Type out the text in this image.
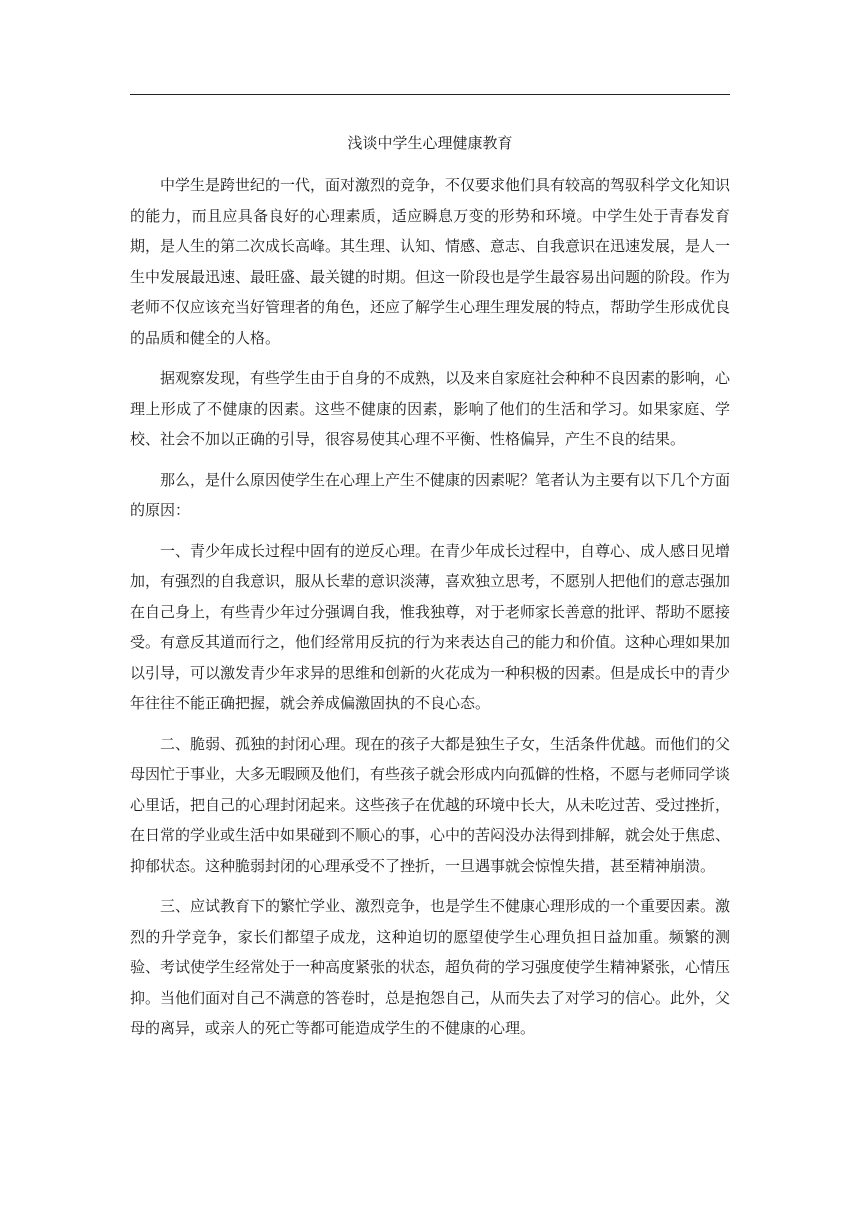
浅谈中学生心理健康教育

中学生是跨世纪的一代，面对激烈的竞争，不仅要求他们具有较高的驾驭科学文化知识的能力，而且应具备良好的心理素质，适应瞬息万变的形势和环境。中学生处于青春发育期，是人生的第二次成长高峰。其生理、认知、情感、意志、自我意识在迅速发展，是人一生中发展最迅速、最旺盛、最关键的时期。但这一阶段也是学生最容易出问题的阶段。作为老师不仅应该充当好管理者的角色，还应了解学生心理生理发展的特点，帮助学生形成优良的品质和健全的人格。

据观察发现，有些学生由于自身的不成熟，以及来自家庭社会种种不良因素的影响，心理上形成了不健康的因素。这些不健康的因素，影响了他们的生活和学习。如果家庭、学校、社会不加以正确的引导，很容易使其心理不平衡、性格偏异，产生不良的结果。

那么，是什么原因使学生在心理上产生不健康的因素呢？笔者认为主要有以下几个方面的原因：

一、青少年成长过程中固有的逆反心理。在青少年成长过程中，自尊心、成人感日见增加，有强烈的自我意识，服从长辈的意识淡薄，喜欢独立思考，不愿别人把他们的意志强加在自己身上，有些青少年过分强调自我，惟我独尊，对于老师家长善意的批评、帮助不愿接受。有意反其道而行之，他们经常用反抗的行为来表达自己的能力和价值。这种心理如果加以引导，可以激发青少年求异的思维和创新的火花成为一种积极的因素。但是成长中的青少年往往不能正确把握，就会养成偏激固执的不良心态。

二、脆弱、孤独的封闭心理。现在的孩子大都是独生子女，生活条件优越。而他们的父母因忙于事业，大多无暇顾及他们，有些孩子就会形成内向孤僻的性格，不愿与老师同学谈心里话，把自己的心理封闭起来。这些孩子在优越的环境中长大，从未吃过苦、受过挫折，在日常的学业或生活中如果碰到不顺心的事，心中的苦闷没办法得到排解，就会处于焦虑、抑郁状态。这种脆弱封闭的心理承受不了挫折，一旦遇事就会惊惶失措，甚至精神崩溃。

三、应试教育下的繁忙学业、激烈竞争，也是学生不健康心理形成的一个重要因素。激烈的升学竞争，家长们都望子成龙，这种迫切的愿望使学生心理负担日益加重。频繁的测验、考试使学生经常处于一种高度紧张的状态，超负荷的学习强度使学生精神紧张，心情压抑。当他们面对自己不满意的答卷时，总是抱怨自己，从而失去了对学习的信心。此外，父母的离异，或亲人的死亡等都可能造成学生的不健康的心理。
